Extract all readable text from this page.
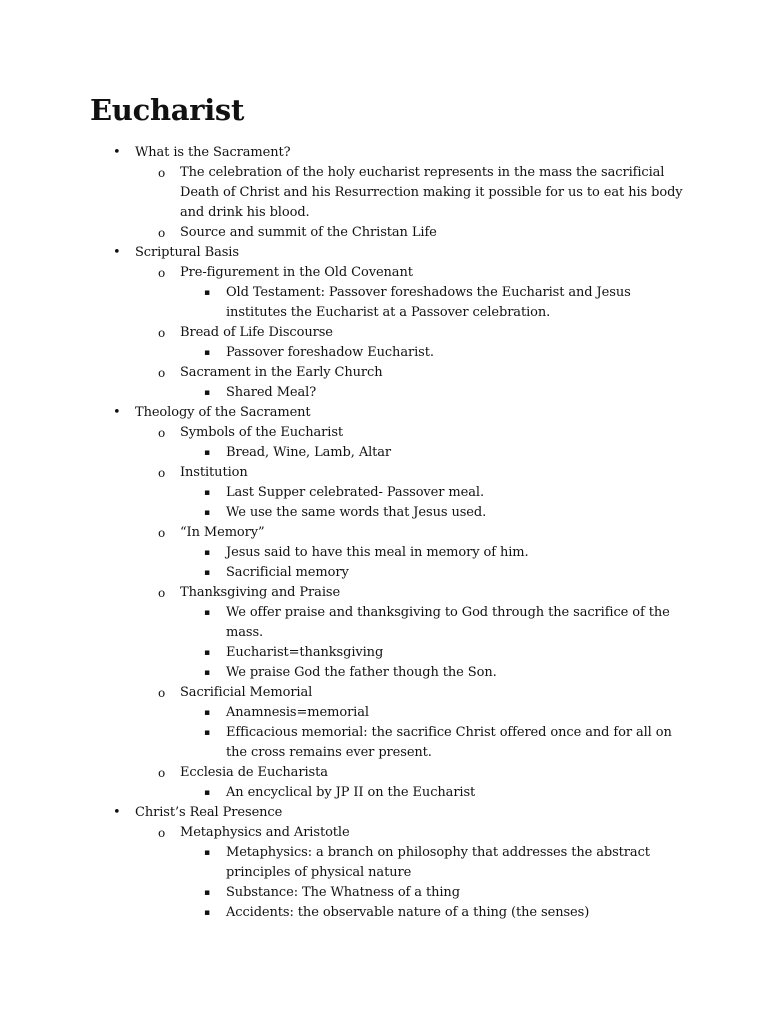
Eucharist
•	What is the Sacrament?
o	The celebration of the holy eucharist represents in the mass the sacrificial
Death of Christ and his Resurrection making it possible for us to eat his body
and drink his blood.
o	Source and summit of the Christan Life
•	Scriptural Basis
o	Pre-figurement in the Old Covenant
▪	Old Testament: Passover foreshadows the Eucharist and Jesus
institutes the Eucharist at a Passover celebration.
o	Bread of Life Discourse
▪	Passover foreshadow Eucharist.
o	Sacrament in the Early Church
▪	Shared Meal?
•	Theology of the Sacrament
o	Symbols of the Eucharist
▪	Bread, Wine, Lamb, Altar
o	Institution
▪	Last Supper celebrated- Passover meal.
▪	We use the same words that Jesus used.
o	“In Memory”
▪	Jesus said to have this meal in memory of him.
▪	Sacrificial memory
o	Thanksgiving and Praise
▪	We offer praise and thanksgiving to God through the sacrifice of the
mass.
▪	Eucharist=thanksgiving
▪	We praise God the father though the Son.
o	Sacrificial Memorial
▪	Anamnesis=memorial
▪	Efficacious memorial: the sacrifice Christ offered once and for all on
the cross remains ever present.
o	Ecclesia de Eucharista
▪	An encyclical by JP II on the Eucharist
•	Christ’s Real Presence
o	Metaphysics and Aristotle
▪	Metaphysics: a branch on philosophy that addresses the abstract
principles of physical nature
▪	Substance: The Whatness of a thing
▪	Accidents: the observable nature of a thing (the senses)
